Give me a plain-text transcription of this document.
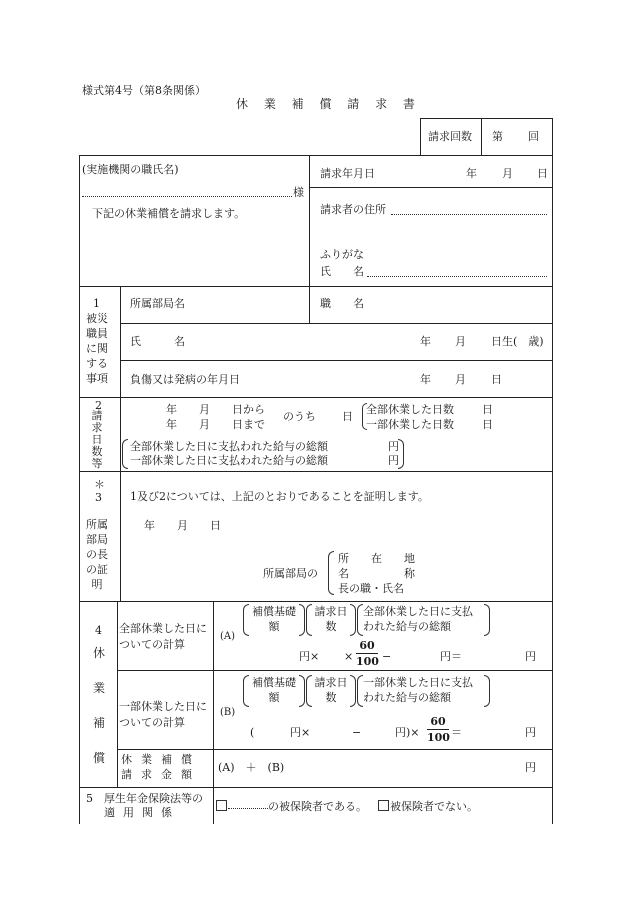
様式第4号（第8条関係）
休 業 補 償 請 求 書
請求回数 第 回
(実施機関の職氏名)
様
下記の休業補償を請求します。
請求年月日	年 月 日
請求者の住所
ふりがな
氏　　名
1
被災職員に関する事項
所属部局名	職　　名
氏　　　名	年 月 日生(　歳)
負傷又は発病の年月日	年 月 日
2
請求日数等
年　　月　　日から
年　　月　　日まで
のうち 日
全部休業した日数	日
一部休業した日数	日
全部休業した日に支払われた給与の総額	円
一部休業した日に支払われた給与の総額	円
＊
3
所属部局の長の証明
1及び2については、上記のとおりであることを証明します。
年　　月　　日
所属部局の
所　　在　　地
名　　　　　称
長の職・氏名
4
休
業
補
償
全部休業した日についての計算
(A)
補償基礎額
請求日数
全部休業した日に支払われた給与の総額
円× ×
60
100 −	円＝	円
一部休業した日についての計算
(B)
補償基礎額
請求日数
一部休業した日に支払われた給与の総額
(	円×	−	円)×
60
100 ＝	円
休業補償
請求金額
(A)　＋　(B)	円
5　厚生年金保険法等の
適用関係	の被保険者である。	被保険者でない。
